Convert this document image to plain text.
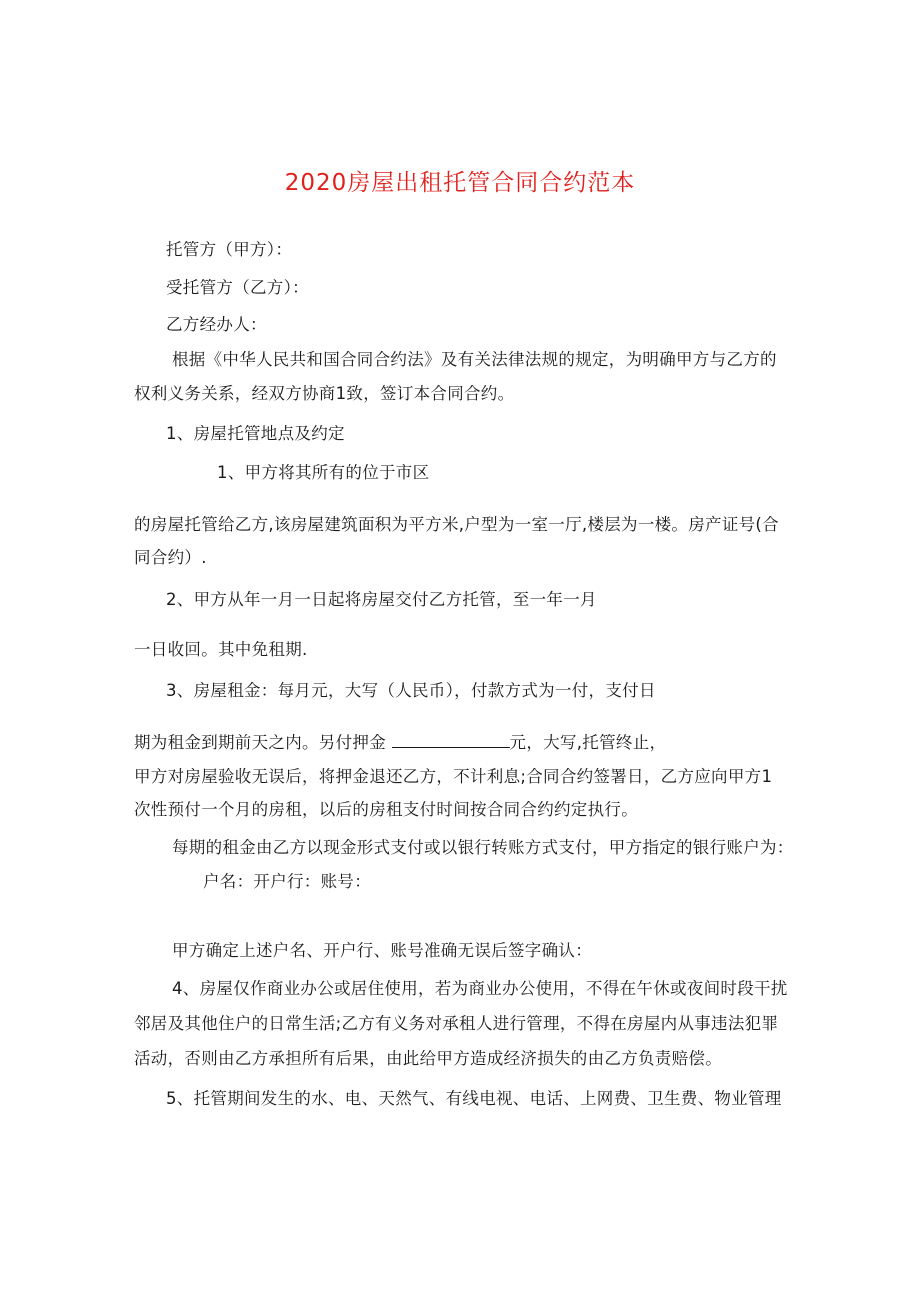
2020房屋出租托管合同合约范本
托管方（甲方）：
受托管方（乙方）：
乙方经办人：
根据《中华人民共和国合同合约法》及有关法律法规的规定，为明确甲方与乙方的
权利义务关系，经双方协商1致，签订本合同合约。
1、房屋托管地点及约定
1、甲方将其所有的位于市区
的房屋托管给乙方,该房屋建筑面积为平方米,户型为一室一厅,楼层为一楼。房产证号(合
同合约）.
2、甲方从年一月一日起将房屋交付乙方托管，至一年一月
一日收回。其中免租期.
3、房屋租金：每月元，大写（人民币），付款方式为一付，支付日
期为租金到期前天之内。另付押金	元，大写,托管终止，
甲方对房屋验收无误后，将押金退还乙方，不计利息;合同合约签署日，乙方应向甲方1
次性预付一个月的房租，以后的房租支付时间按合同合约约定执行。
每期的租金由乙方以现金形式支付或以银行转账方式支付，甲方指定的银行账户为：
户名：开户行：账号：
甲方确定上述户名、开户行、账号准确无误后签字确认：
4、房屋仅作商业办公或居住使用，若为商业办公使用，不得在午休或夜间时段干扰
邻居及其他住户的日常生活;乙方有义务对承租人进行管理，不得在房屋内从事违法犯罪
活动，否则由乙方承担所有后果，由此给甲方造成经济损失的由乙方负责赔偿。
5、托管期间发生的水、电、天然气、有线电视、电话、上网费、卫生费、物业管理
